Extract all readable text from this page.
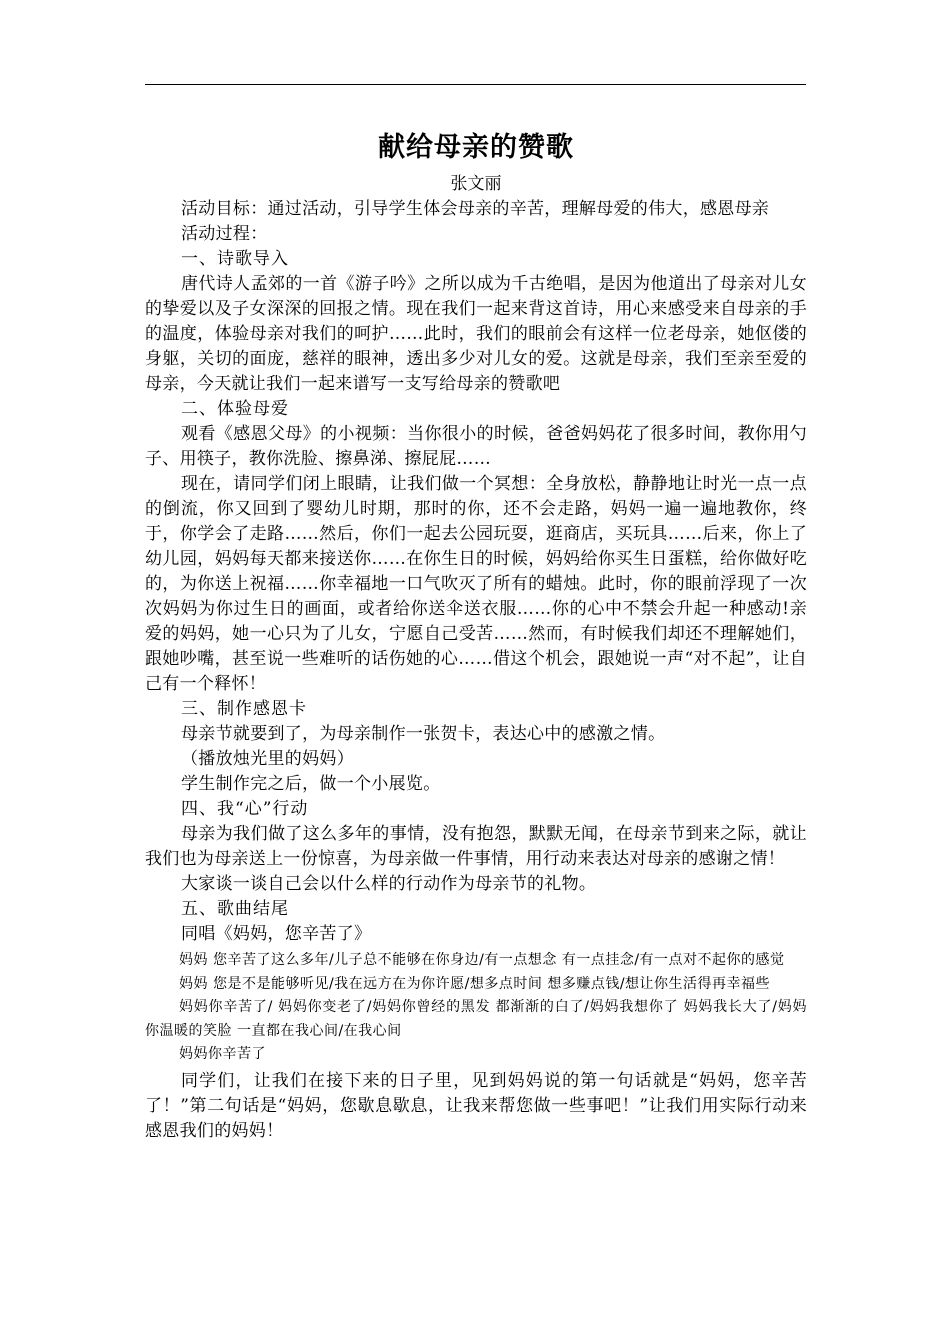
献给母亲的赞歌

张文丽

活动目标：通过活动，引导学生体会母亲的辛苦，理解母爱的伟大，感恩母亲

活动过程：

一、诗歌导入

唐代诗人孟郊的一首《游子吟》之所以成为千古绝唱，是因为他道出了母亲对儿女的挚爱以及子女深深的回报之情。现在我们一起来背这首诗，用心来感受来自母亲的手的温度，体验母亲对我们的呵护……此时，我们的眼前会有这样一位老母亲，她伛偻的身躯，关切的面庞，慈祥的眼神，透出多少对儿女的爱。这就是母亲，我们至亲至爱的母亲，今天就让我们一起来谱写一支写给母亲的赞歌吧

二、体验母爱

观看《感恩父母》的小视频：当你很小的时候，爸爸妈妈花了很多时间，教你用勺子、用筷子，教你洗脸、擦鼻涕、擦屁屁……

现在，请同学们闭上眼睛，让我们做一个冥想：全身放松，静静地让时光一点一点的倒流，你又回到了婴幼儿时期，那时的你，还不会走路，妈妈一遍一遍地教你，终于，你学会了走路……然后，你们一起去公园玩耍，逛商店，买玩具……后来，你上了幼儿园，妈妈每天都来接送你……在你生日的时候，妈妈给你买生日蛋糕，给你做好吃的，为你送上祝福……你幸福地一口气吹灭了所有的蜡烛。此时，你的眼前浮现了一次次妈妈为你过生日的画面，或者给你送伞送衣服……你的心中不禁会升起一种感动!亲爱的妈妈，她一心只为了儿女，宁愿自己受苦……然而，有时候我们却还不理解她们，跟她吵嘴，甚至说一些难听的话伤她的心……借这个机会，跟她说一声“对不起”，让自己有一个释怀！

三、制作感恩卡

母亲节就要到了，为母亲制作一张贺卡，表达心中的感激之情。

（播放烛光里的妈妈）

学生制作完之后，做一个小展览。

四、我“心”行动

母亲为我们做了这么多年的事情，没有抱怨，默默无闻，在母亲节到来之际，就让我们也为母亲送上一份惊喜，为母亲做一件事情，用行动来表达对母亲的感谢之情！

大家谈一谈自己会以什么样的行动作为母亲节的礼物。

五、歌曲结尾

同唱《妈妈，您辛苦了》

妈妈 您辛苦了这么多年/儿子总不能够在你身边/有一点想念 有一点挂念/有一点对不起你的感觉

妈妈 您是不是能够听见/我在远方在为你许愿/想多点时间 想多赚点钱/想让你生活得再幸福些

妈妈你辛苦了/ 妈妈你变老了/妈妈你曾经的黑发 都渐渐的白了/妈妈我想你了 妈妈我长大了/妈妈你温暖的笑脸 一直都在我心间/在我心间

妈妈你辛苦了

同学们，让我们在接下来的日子里，见到妈妈说的第一句话就是“妈妈，您辛苦了！”第二句话是“妈妈，您歇息歇息，让我来帮您做一些事吧！”让我们用实际行动来感恩我们的妈妈！
